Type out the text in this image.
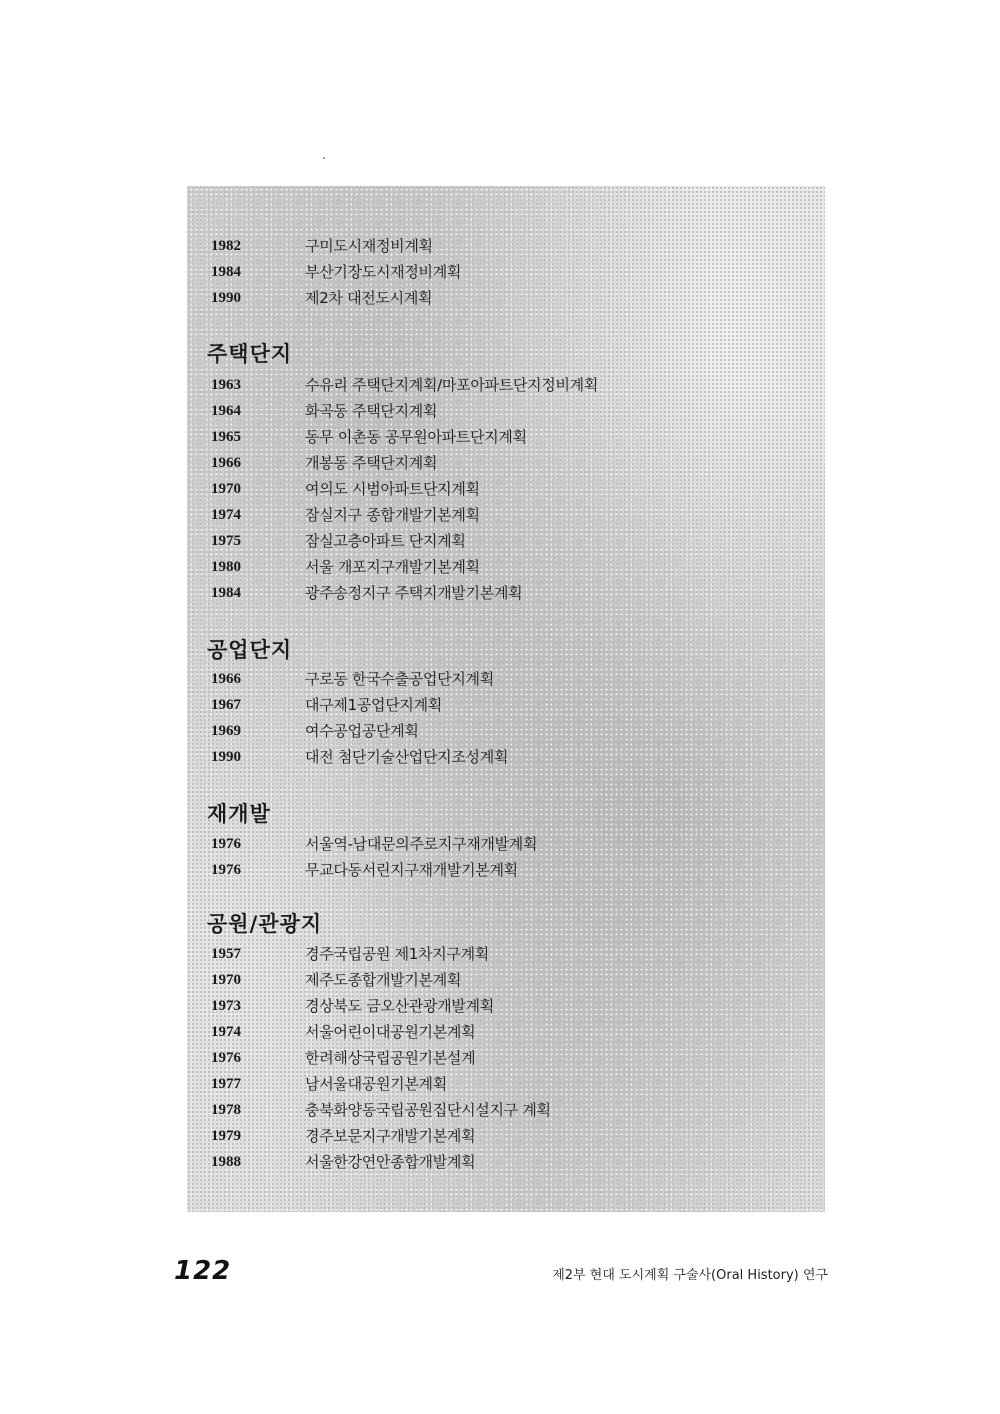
1982	구미도시재정비계획
1984	부산기장도시재정비계획
1990	제2차 대전도시계획
주택단지
1963	수유리 주택단지계획/마포아파트단지정비계획
1964	화곡동 주택단지계획
1965	동무 이촌동 공무원아파트단지계획
1966	개봉동 주택단지계획
1970	여의도 시범아파트단지계획
1974	잠실지구 종합개발기본계획
1975	잠실고층아파트 단지계획
1980	서울 개포지구개발기본계획
1984	광주송정지구 주택지개발기본계획
공업단지
1966	구로동 한국수출공업단지계획
1967	대구제1공업단지계획
1969	여수공업공단계획
1990	대전 첨단기술산업단지조성계획
재개발
1976	서울역-남대문의주로지구재개발계획
1976	무교다동서린지구재개발기본계획
공원/관광지
1957	경주국립공원 제1차지구계획
1970	제주도종합개발기본계획
1973	경상북도 금오산관광개발계획
1974	서울어린이대공원기본계획
1976	한려해상국립공원기본설계
1977	남서울대공원기본계획
1978	충북화양동국립공원집단시설지구 계획
1979	경주보문지구개발기본계획
1988	서울한강연안종합개발계획
122	제2부 현대 도시계획 구술사(Oral History) 연구
